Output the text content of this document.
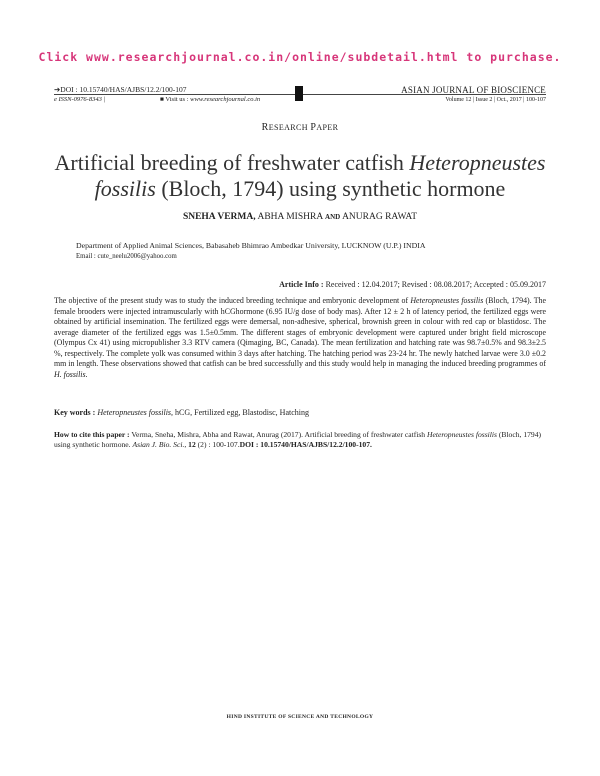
Click www.researchjournal.co.in/online/subdetail.html to purchase.
➔DOI : 10.15740/HAS/AJBS/12.2/100-107
e ISSN-0976-8343 |	■ Visit us : www.researchjournal.co.in
ASIAN JOURNAL OF BIOSCIENCE
Volume 12 | Issue 2 | Oct., 2017 | 100-107
RESEARCH PAPER
Artificial breeding of freshwater catfish Heteropneustes fossilis (Bloch, 1794) using synthetic hormone
SNEHA VERMA, ABHA MISHRA AND ANURAG RAWAT
Department of Applied Animal Sciences, Babasaheb Bhimrao Ambedkar University, LUCKNOW (U.P.) INDIA
Email : cute_neelu2006@yahoo.com
Article Info : Received : 12.04.2017; Revised : 08.08.2017; Accepted : 05.09.2017
The objective of the present study was to study the induced breeding technique and embryonic development of Heteropneustes fossilis (Bloch, 1794). The female brooders were injected intramuscularly with hCGhormone (6.95 IU/g dose of body mas). After 12 ± 2 h of latency period, the fertilized eggs were obtained by artificial insemination. The fertilized eggs were demersal, non-adhesive, spherical, brownish green in colour with red cap or blastidosc. The average diameter of the fertilized eggs was 1.5±0.5mm. The different stages of embryonic development were captured under bright field microscope (Olympus Cx 41) using micropublisher 3.3 RTV camera (Qimaging, BC, Canada). The mean fertilization and hatching rate was 98.7±0.5% and 98.3±2.5 %, respectively. The complete yolk was consumed within 3 days after hatching. The hatching period was 23-24 hr. The newly hatched larvae were 3.0 ±0.2 mm in length. These observations showed that catfish can be bred successfully and this study would help in managing the induced breeding programmes of H. fossilis.
Key words : Heteropneustes fossilis, hCG, Fertilized egg, Blastodisc, Hatching
How to cite this paper : Verma, Sneha, Mishra, Abha and Rawat, Anurag (2017). Artificial breeding of freshwater catfish Heteropneustes fossilis (Bloch, 1794) using synthetic hormone. Asian J. Bio. Sci., 12 (2) : 100-107.DOI : 10.15740/HAS/AJBS/12.2/100-107.
HIND INSTITUTE OF SCIENCE AND TECHNOLOGY
